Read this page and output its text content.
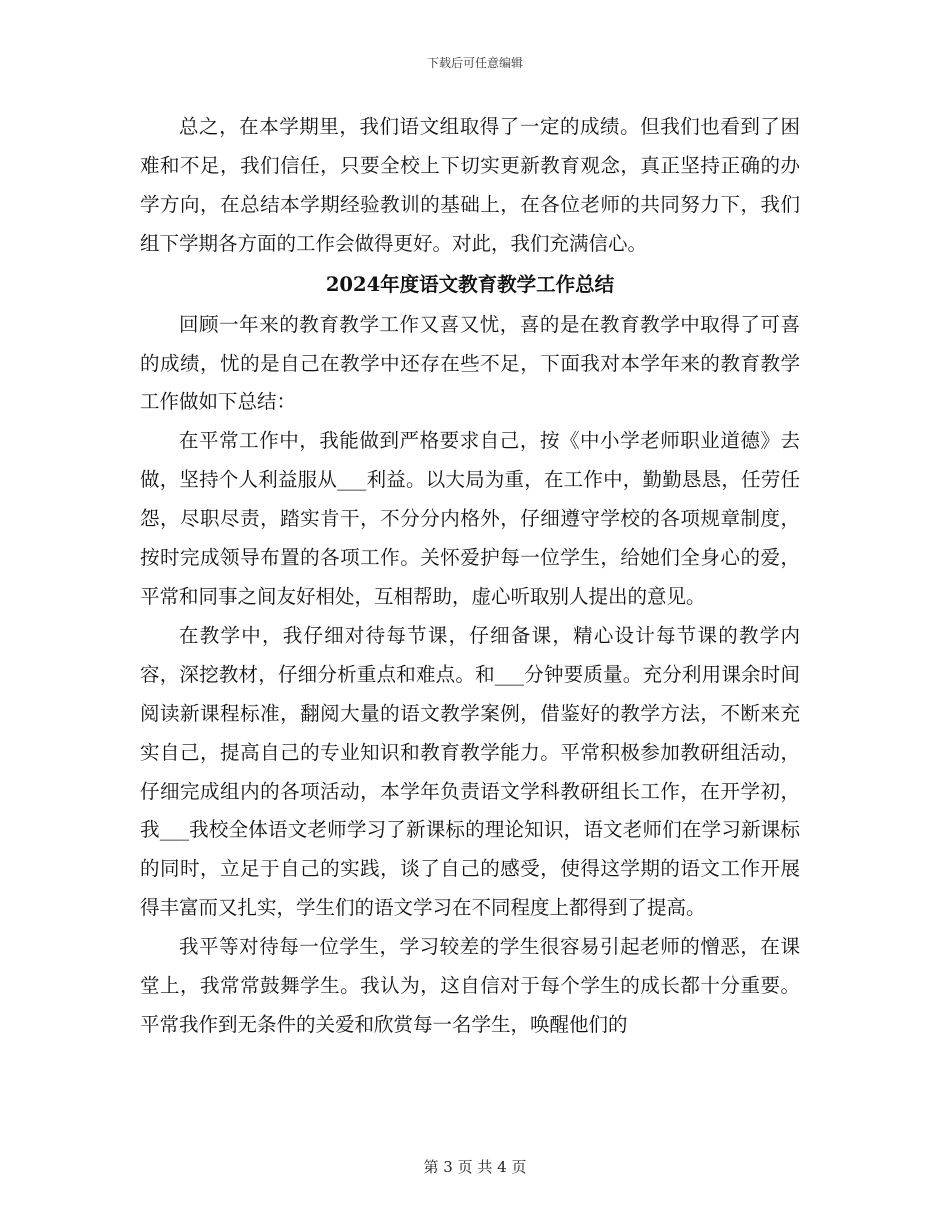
下载后可任意编辑

总之，在本学期里，我们语文组取得了一定的成绩。但我们也看到了困难和不足，我们信任，只要全校上下切实更新教育观念，真正坚持正确的办学方向，在总结本学期经验教训的基础上，在各位老师的共同努力下，我们组下学期各方面的工作会做得更好。对此，我们充满信心。

2024年度语文教育教学工作总结

回顾一年来的教育教学工作又喜又忧，喜的是在教育教学中取得了可喜的成绩，忧的是自己在教学中还存在些不足，下面我对本学年来的教育教学工作做如下总结：

在平常工作中，我能做到严格要求自己，按《中小学老师职业道德》去做，坚持个人利益服从___利益。以大局为重，在工作中，勤勤恳恳，任劳任怨，尽职尽责，踏实肯干，不分分内格外，仔细遵守学校的各项规章制度，按时完成领导布置的各项工作。关怀爱护每一位学生，给她们全身心的爱，平常和同事之间友好相处，互相帮助，虚心听取别人提出的意见。

在教学中，我仔细对待每节课，仔细备课，精心设计每节课的教学内容，深挖教材，仔细分析重点和难点。和___分钟要质量。充分利用课余时间阅读新课程标准，翻阅大量的语文教学案例，借鉴好的教学方法，不断来充实自己，提高自己的专业知识和教育教学能力。平常积极参加教研组活动，仔细完成组内的各项活动，本学年负责语文学科教研组长工作，在开学初，我___我校全体语文老师学习了新课标的理论知识，语文老师们在学习新课标的同时，立足于自己的实践，谈了自己的感受，使得这学期的语文工作开展得丰富而又扎实，学生们的语文学习在不同程度上都得到了提高。

我平等对待每一位学生，学习较差的学生很容易引起老师的憎恶，在课堂上，我常常鼓舞学生。我认为，这自信对于每个学生的成长都十分重要。平常我作到无条件的关爱和欣赏每一名学生，唤醒他们的

第 3 页 共 4 页
